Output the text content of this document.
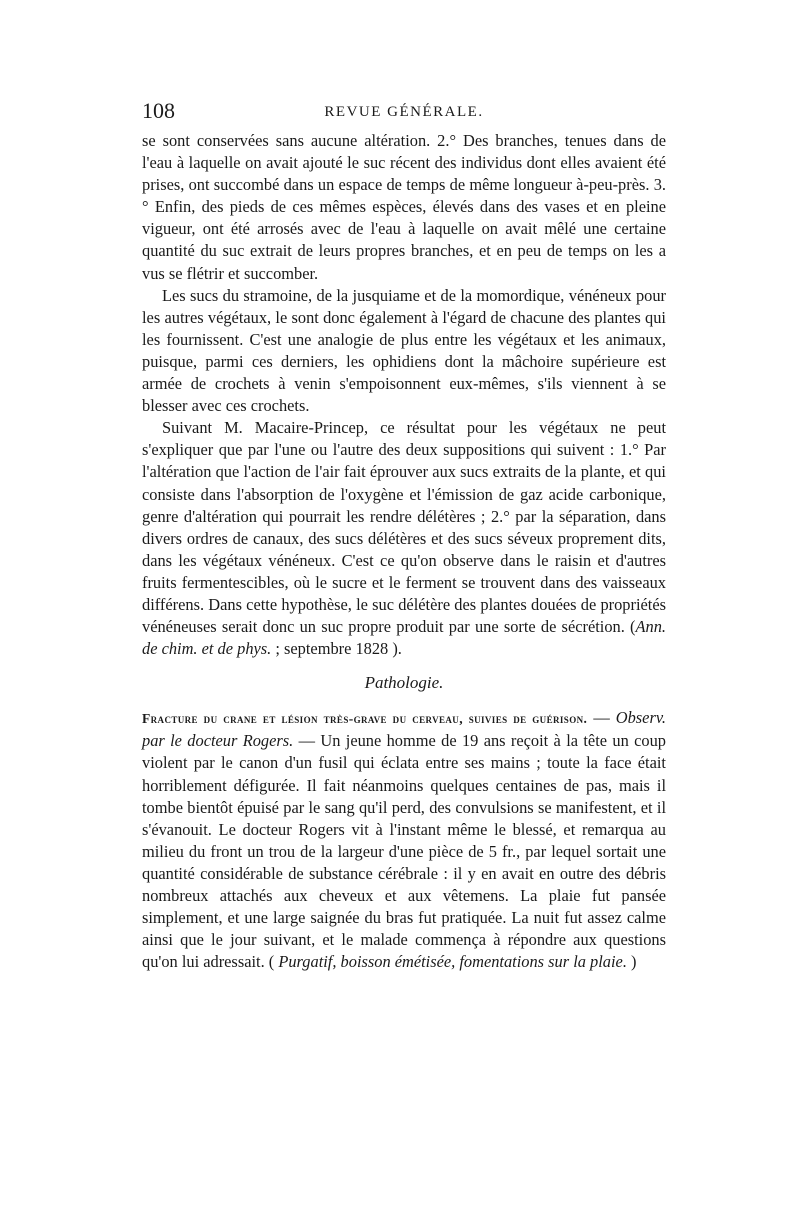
108	REVUE GÉNÉRALE.

se sont conservées sans aucune altération. 2.° Des branches, tenues dans de l'eau à laquelle on avait ajouté le suc récent des individus dont elles avaient été prises, ont succombé dans un espace de temps de même longueur à-peu-près. 3.° Enfin, des pieds de ces mêmes espèces, élevés dans des vases et en pleine vigueur, ont été arrosés avec de l'eau à laquelle on avait mêlé une certaine quantité du suc extrait de leurs propres branches, et en peu de temps on les a vus se flétrir et succomber.

Les sucs du stramoine, de la jusquiame et de la momordique, vénéneux pour les autres végétaux, le sont donc également à l'égard de chacune des plantes qui les fournissent. C'est une analogie de plus entre les végétaux et les animaux, puisque, parmi ces derniers, les ophidiens dont la mâchoire supérieure est armée de crochets à venin s'empoisonnent eux-mêmes, s'ils viennent à se blesser avec ces crochets.

Suivant M. Macaire-Princep, ce résultat pour les végétaux ne peut s'expliquer que par l'une ou l'autre des deux suppositions qui suivent : 1.° Par l'altération que l'action de l'air fait éprouver aux sucs extraits de la plante, et qui consiste dans l'absorption de l'oxygène et l'émission de gaz acide carbonique, genre d'altération qui pourrait les rendre délétères ; 2.° par la séparation, dans divers ordres de canaux, des sucs délétères et des sucs séveux proprement dits, dans les végétaux vénéneux. C'est ce qu'on observe dans le raisin et d'autres fruits fermentescibles, où le sucre et le ferment se trouvent dans des vaisseaux différens. Dans cette hypothèse, le suc délétère des plantes douées de propriétés vénéneuses serait donc un suc propre produit par une sorte de sécrétion. (Ann. de chim. et de phys. ; septembre 1828 ).

Pathologie.

Fracture du crane et lésion très-grave du cerveau, suivies de guérison. — Observ. par le docteur Rogers. — Un jeune homme de 19 ans reçoit à la tête un coup violent par le canon d'un fusil qui éclata entre ses mains ; toute la face était horriblement défigurée. Il fait néanmoins quelques centaines de pas, mais il tombe bientôt épuisé par le sang qu'il perd, des convulsions se manifestent, et il s'évanouit. Le docteur Rogers vit à l'instant même le blessé, et remarqua au milieu du front un trou de la largeur d'une pièce de 5 fr., par lequel sortait une quantité considérable de substance cérébrale : il y en avait en outre des débris nombreux attachés aux cheveux et aux vêtemens. La plaie fut pansée simplement, et une large saignée du bras fut pratiquée. La nuit fut assez calme ainsi que le jour suivant, et le malade commença à répondre aux questions qu'on lui adressait. ( Purgatif, boisson émétisée, fomentations sur la plaie. )
